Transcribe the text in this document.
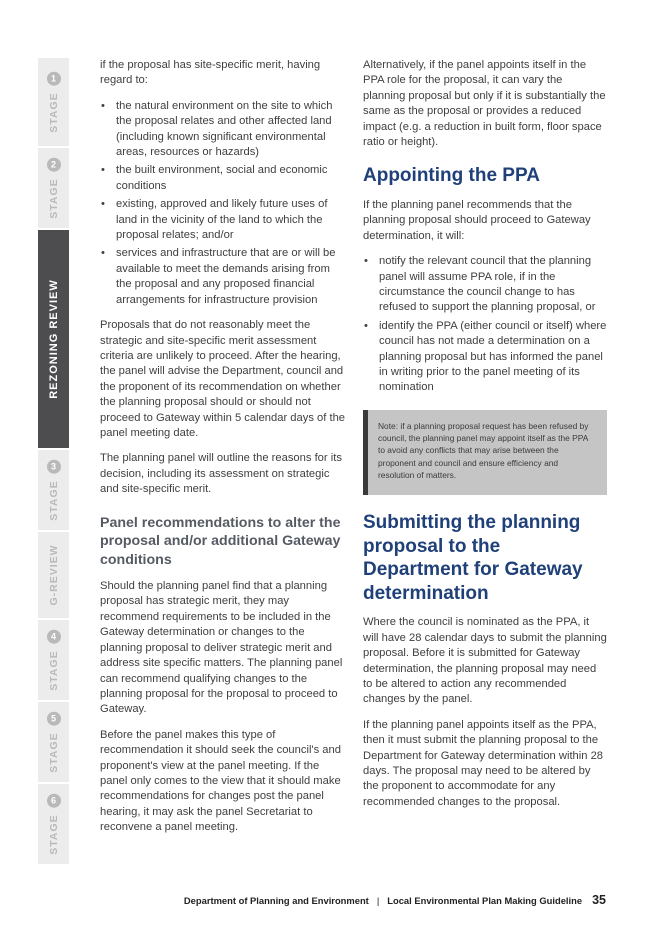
STAGE
1
STAGE
2
REZONING REVIEW
STAGE
3
G-REVIEW
STAGE
4
STAGE
5
STAGE
6

if the proposal has site-specific merit, having regard to:

• the natural environment on the site to which the proposal relates and other affected land (including known significant environmental areas, resources or hazards)
• the built environment, social and economic conditions
• existing, approved and likely future uses of land in the vicinity of the land to which the proposal relates; and/or
• services and infrastructure that are or will be available to meet the demands arising from the proposal and any proposed financial arrangements for infrastructure provision

Proposals that do not reasonably meet the strategic and site-specific merit assessment criteria are unlikely to proceed. After the hearing, the panel will advise the Department, council and the proponent of its recommendation on whether the planning proposal should or should not proceed to Gateway within 5 calendar days of the panel meeting date.

The planning panel will outline the reasons for its decision, including its assessment on strategic and site-specific merit.

Panel recommendations to alter the proposal and/or additional Gateway conditions

Should the planning panel find that a planning proposal has strategic merit, they may recommend requirements to be included in the Gateway determination or changes to the planning proposal to deliver strategic merit and address site specific matters. The planning panel can recommend qualifying changes to the planning proposal for the proposal to proceed to Gateway.

Before the panel makes this type of recommendation it should seek the council's and proponent's view at the panel meeting. If the panel only comes to the view that it should make recommendations for changes post the panel hearing, it may ask the panel Secretariat to reconvene a panel meeting.

Alternatively, if the panel appoints itself in the PPA role for the proposal, it can vary the planning proposal but only if it is substantially the same as the proposal or provides a reduced impact (e.g. a reduction in built form, floor space ratio or height).

Appointing the PPA

If the planning panel recommends that the planning proposal should proceed to Gateway determination, it will:

• notify the relevant council that the planning panel will assume PPA role, if in the circumstance the council change to has refused to support the planning proposal, or
• identify the PPA (either council or itself) where council has not made a determination on a planning proposal but has informed the panel in writing prior to the panel meeting of its nomination
Note: if a planning proposal request has been refused by council, the planning panel may appoint itself as the PPA to avoid any conflicts that may arise between the proponent and council and ensure efficiency and resolution of matters.
Submitting the planning proposal to the Department for Gateway determination

Where the council is nominated as the PPA, it will have 28 calendar days to submit the planning proposal. Before it is submitted for Gateway determination, the planning proposal may need to be altered to action any recommended changes by the panel.

If the planning panel appoints itself as the PPA, then it must submit the planning proposal to the Department for Gateway determination within 28 days. The proposal may need to be altered by the proponent to accommodate for any recommended changes to the proposal.

Department of Planning and Environment | Local Environmental Plan Making Guideline 35
